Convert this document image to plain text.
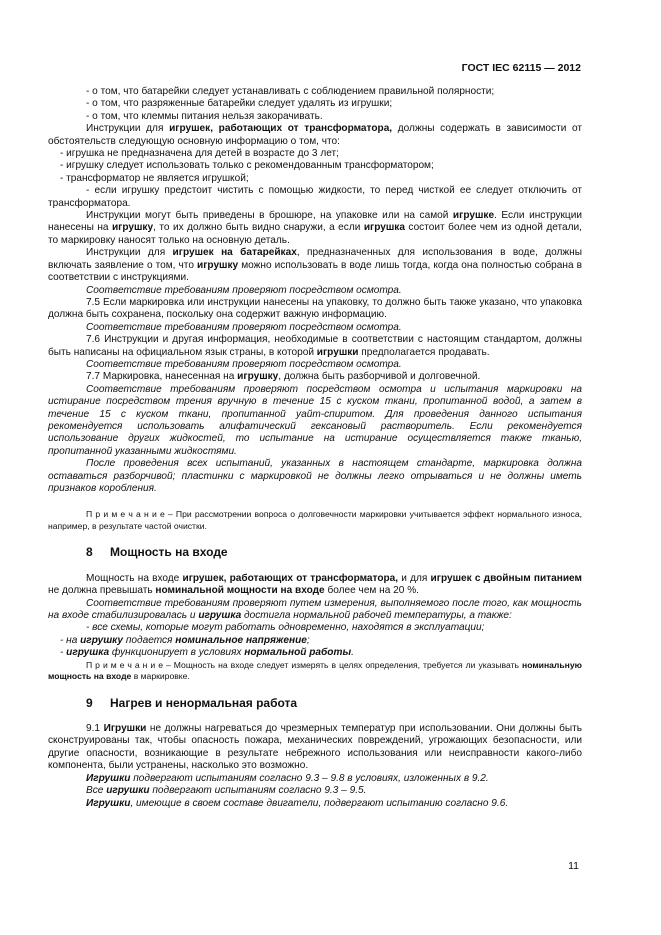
ГОСТ IEC 62115 — 2012

- о том, что батарейки следует устанавливать с соблюдением правильной полярности;

- о том, что разряженные батарейки следует удалять из игрушки;

- о том, что клеммы питания нельзя закорачивать.

Инструкции для игрушек, работающих от трансформатора, должны содержать в зависимости от обстоятельств следующую основную информацию о том, что:

- игрушка не предназначена для детей в возрасте до 3 лет;

- игрушку следует использовать только с рекомендованным трансформатором;

- трансформатор не является игрушкой;

- если игрушку предстоит чистить с помощью жидкости, то перед чисткой ее следует отключить от трансформатора.

Инструкции могут быть приведены в брошюре, на упаковке или на самой игрушке. Если инструкции нанесены на игрушку, то их должно быть видно снаружи, а если игрушка состоит более чем из одной детали, то маркировку наносят только на основную деталь.

Инструкции для игрушек на батарейках, предназначенных для использования в воде, должны включать заявление о том, что игрушку можно использовать в воде лишь тогда, когда она полностью собрана в соответствии с инструкциями.

Соответствие требованиям проверяют посредством осмотра.

7.5 Если маркировка или инструкции нанесены на упаковку, то должно быть также указано, что упаковка должна быть сохранена, поскольку она содержит важную информацию.

Соответствие требованиям проверяют посредством осмотра.

7.6 Инструкции и другая информация, необходимые в соответствии с настоящим стандартом, должны быть написаны на официальном язык страны, в которой игрушки предполагается продавать.

Соответствие требованиям проверяют посредством осмотра.

7.7 Маркировка, нанесенная на игрушку, должна быть разборчивой и долговечной.

Соответствие требованиям проверяют посредством осмотра и испытания маркировки на истирание посредством трения вручную в течение 15 с куском ткани, пропитанной водой, а затем в течение 15 с куском ткани, пропитанной уайт-спиритом. Для проведения данного испытания рекомендуется использовать алифатический гексановый растворитель. Если рекомендуется использование других жидкостей, то испытание на истирание осуществляется также тканью, пропитанной указанными жидкостями.

После проведения всех испытаний, указанных в настоящем стандарте, маркировка должна оставаться разборчивой; пластинки с маркировкой не должны легко отрываться и не должны иметь признаков коробления.

П р и м е ч а н и е – При рассмотрении вопроса о долговечности маркировки учитывается эффект нормального износа, например, в результате частой очистки.

8 Мощность на входе

Мощность на входе игрушек, работающих от трансформатора, и для игрушек с двойным питанием не должна превышать номинальной мощности на входе более чем на 20 %.

Соответствие требованиям проверяют путем измерения, выполняемого после того, как мощность на входе стабилизировалась и игрушка достигла нормальной рабочей температуры, а также:

- все схемы, которые могут работать одновременно, находятся в эксплуатации;

- на игрушку подается номинальное напряжение;

- игрушка функционирует в условиях нормальной работы.

П р и м е ч а н и е – Мощность на входе следует измерять в целях определения, требуется ли указывать номинальную мощность на входе в маркировке.

9 Нагрев и ненормальная работа

9.1 Игрушки не должны нагреваться до чрезмерных температур при использовании. Они должны быть сконструированы так, чтобы опасность пожара, механических повреждений, угрожающих безопасности, или другие опасности, возникающие в результате небрежного использования или неисправности какого-либо компонента, были устранены, насколько это возможно.

Игрушки подвергают испытаниям согласно 9.3 – 9.8 в условиях, изложенных в 9.2.

Все игрушки подвергают испытаниям согласно 9.3 – 9.5.

Игрушки, имеющие в своем составе двигатели, подвергают испытанию согласно 9.6.

11
